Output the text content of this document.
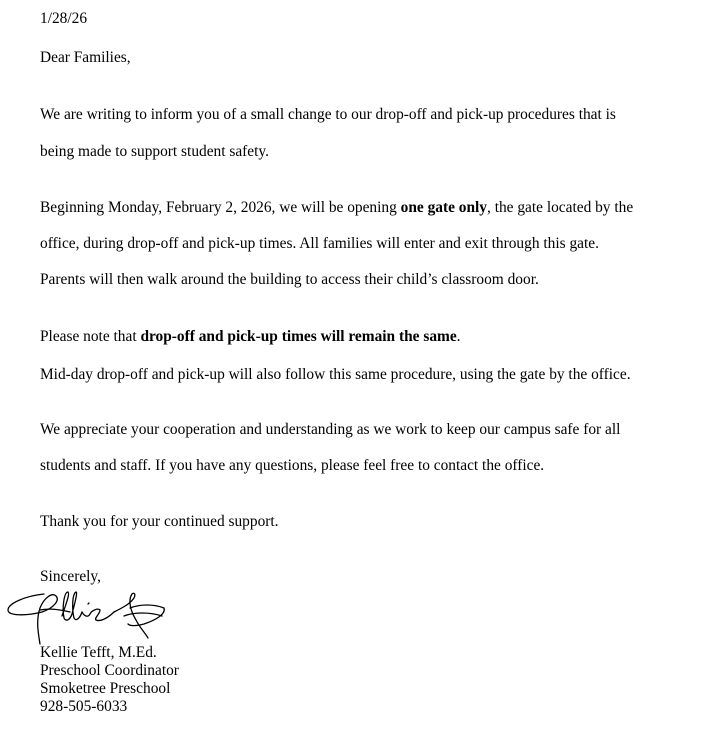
1/28/26
Dear Families,
We are writing to inform you of a small change to our drop-off and pick-up procedures that is
being made to support student safety.
Beginning Monday, February 2, 2026, we will be opening one gate only, the gate located by the
office, during drop-off and pick-up times. All families will enter and exit through this gate.
Parents will then walk around the building to access their child’s classroom door.
Please note that drop-off and pick-up times will remain the same.
Mid-day drop-off and pick-up will also follow this same procedure, using the gate by the office.
We appreciate your cooperation and understanding as we work to keep our campus safe for all
students and staff. If you have any questions, please feel free to contact the office.
Thank you for your continued support.
Sincerely,
Kellie Tefft, M.Ed.
Preschool Coordinator
Smoketree Preschool
928-505-6033
